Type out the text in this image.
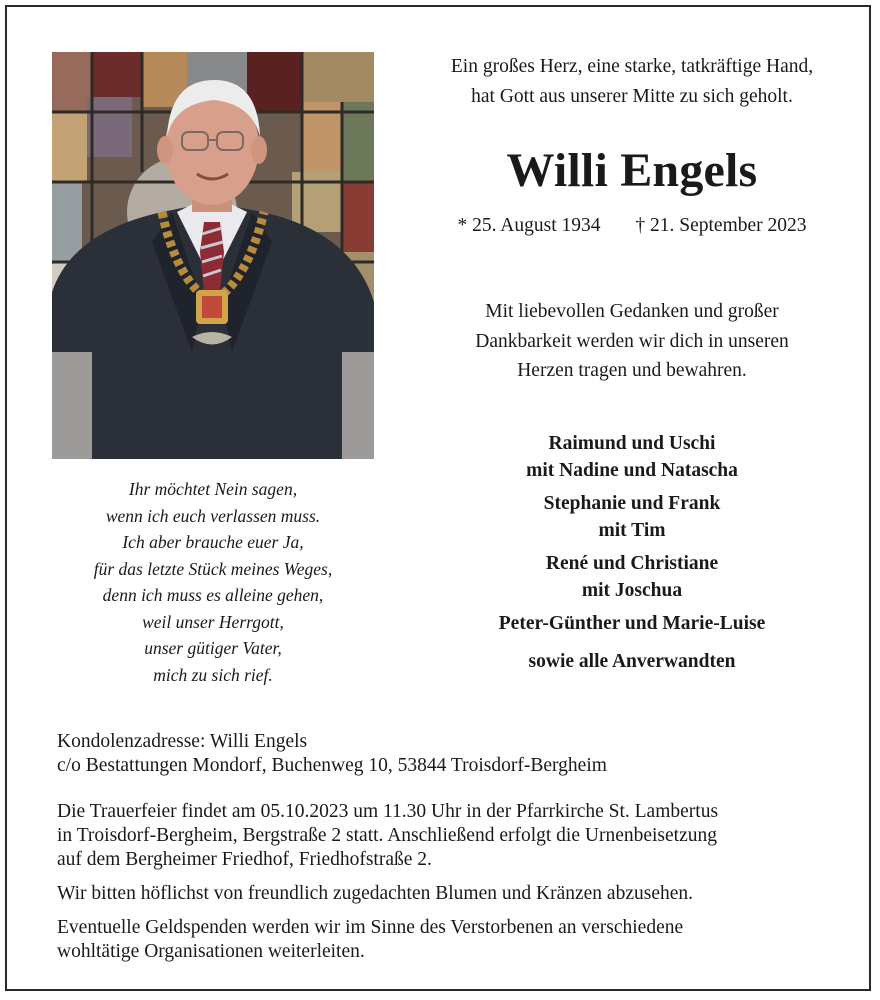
Ein großes Herz, eine starke, tatkräftige Hand,
hat Gott aus unserer Mitte zu sich geholt.
Willi Engels
* 25. August 1934 † 21. September 2023
Mit liebevollen Gedanken und großer
Dankbarkeit werden wir dich in unseren
Herzen tragen und bewahren.
Ihr möchtet Nein sagen,
wenn ich euch verlassen muss.
Ich aber brauche euer Ja,
für das letzte Stück meines Weges,
denn ich muss es alleine gehen,
weil unser Herrgott,
unser gütiger Vater,
mich zu sich rief.
Raimund und Uschi
mit Nadine und Natascha
Stephanie und Frank
mit Tim
René und Christiane
mit Joschua
Peter-Günther und Marie-Luise
sowie alle Anverwandten

Kondolenzadresse: Willi Engels

c/o Bestattungen Mondorf, Buchenweg 10, 53844 Troisdorf-Bergheim

Die Trauerfeier findet am 05.10.2023 um 11.30 Uhr in der Pfarrkirche St. Lambertus

in Troisdorf-Bergheim, Bergstraße 2 statt. Anschließend erfolgt die Urnenbeisetzung

auf dem Bergheimer Friedhof, Friedhofstraße 2.

Wir bitten höflichst von freundlich zugedachten Blumen und Kränzen abzusehen.

Eventuelle Geldspenden werden wir im Sinne des Verstorbenen an verschiedene

wohltätige Organisationen weiterleiten.
